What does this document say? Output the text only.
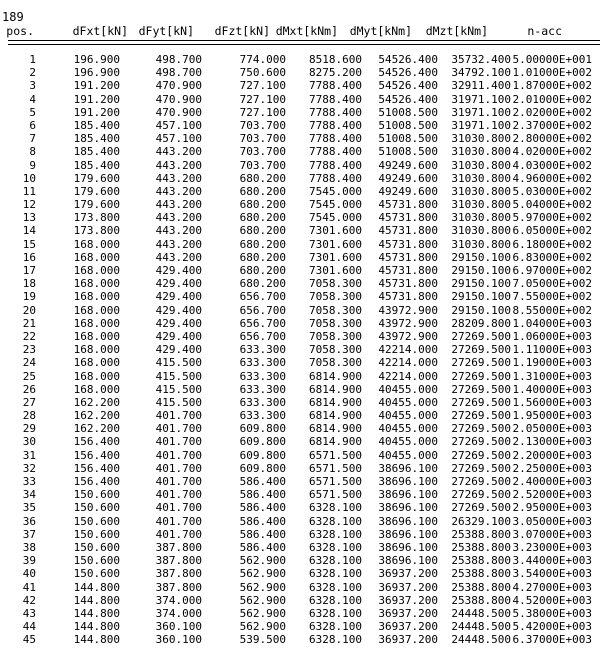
189
pos.	dFxt[kN] dFyt[kN] dFzt[kN] dMxt[kNm] dMyt[kNm] dMzt[kNm]	n-acc
1	196.900	498.700	774.000 8518.600 54526.400 35732.400 5.00000E+001
2	196.900	498.700	750.600 8275.200 54526.400 34792.100 1.01000E+002
3	191.200	470.900	727.100 7788.400 54526.400 32911.400 1.87000E+002
4	191.200	470.900	727.100 7788.400 54526.400 31971.100 2.01000E+002
5	191.200	470.900	727.100 7788.400 51008.500 31971.100 2.02000E+002
6	185.400	457.100	703.700 7788.400 51008.500 31971.100 2.37000E+002
7	185.400	457.100	703.700 7788.400 51008.500 31030.800 2.80000E+002
8	185.400	443.200	703.700 7788.400 51008.500 31030.800 4.02000E+002
9	185.400	443.200	703.700 7788.400 49249.600 31030.800 4.03000E+002
10	179.600	443.200	680.200 7788.400 49249.600 31030.800 4.96000E+002
11	179.600	443.200	680.200 7545.000 49249.600 31030.800 5.03000E+002
12	179.600	443.200	680.200 7545.000 45731.800 31030.800 5.04000E+002
13	173.800	443.200	680.200 7545.000 45731.800 31030.800 5.97000E+002
14	173.800	443.200	680.200 7301.600 45731.800 31030.800 6.05000E+002
15	168.000	443.200	680.200 7301.600 45731.800 31030.800 6.18000E+002
16	168.000	443.200	680.200 7301.600 45731.800 29150.100 6.83000E+002
17	168.000	429.400	680.200 7301.600 45731.800 29150.100 6.97000E+002
18	168.000	429.400	680.200 7058.300 45731.800 29150.100 7.05000E+002
19	168.000	429.400	656.700 7058.300 45731.800 29150.100 7.55000E+002
20	168.000	429.400	656.700 7058.300 43972.900 29150.100 8.55000E+002
21	168.000	429.400	656.700 7058.300 43972.900 28209.800 1.04000E+003
22	168.000	429.400	656.700 7058.300 43972.900 27269.500 1.06000E+003
23	168.000	429.400	633.300 7058.300 42214.000 27269.500 1.11000E+003
24	168.000	415.500	633.300 7058.300 42214.000 27269.500 1.19000E+003
25	168.000	415.500	633.300 6814.900 42214.000 27269.500 1.31000E+003
26	168.000	415.500	633.300 6814.900 40455.000 27269.500 1.40000E+003
27	162.200	415.500	633.300 6814.900 40455.000 27269.500 1.56000E+003
28	162.200	401.700	633.300 6814.900 40455.000 27269.500 1.95000E+003
29	162.200	401.700	609.800 6814.900 40455.000 27269.500 2.05000E+003
30	156.400	401.700	609.800 6814.900 40455.000 27269.500 2.13000E+003
31	156.400	401.700	609.800 6571.500 40455.000 27269.500 2.20000E+003
32	156.400	401.700	609.800 6571.500 38696.100 27269.500 2.25000E+003
33	156.400	401.700	586.400 6571.500 38696.100 27269.500 2.40000E+003
34	150.600	401.700	586.400 6571.500 38696.100 27269.500 2.52000E+003
35	150.600	401.700	586.400 6328.100 38696.100 27269.500 2.95000E+003
36	150.600	401.700	586.400 6328.100 38696.100 26329.100 3.05000E+003
37	150.600	401.700	586.400 6328.100 38696.100 25388.800 3.07000E+003
38	150.600	387.800	586.400 6328.100 38696.100 25388.800 3.23000E+003
39	150.600	387.800	562.900 6328.100 38696.100 25388.800 3.44000E+003
40	150.600	387.800	562.900 6328.100 36937.200 25388.800 3.54000E+003
41	144.800	387.800	562.900 6328.100 36937.200 25388.800 4.27000E+003
42	144.800	374.000	562.900 6328.100 36937.200 25388.800 4.52000E+003
43	144.800	374.000	562.900 6328.100 36937.200 24448.500 5.38000E+003
44	144.800	360.100	562.900 6328.100 36937.200 24448.500 5.42000E+003
45	144.800	360.100	539.500 6328.100 36937.200 24448.500 6.37000E+003
